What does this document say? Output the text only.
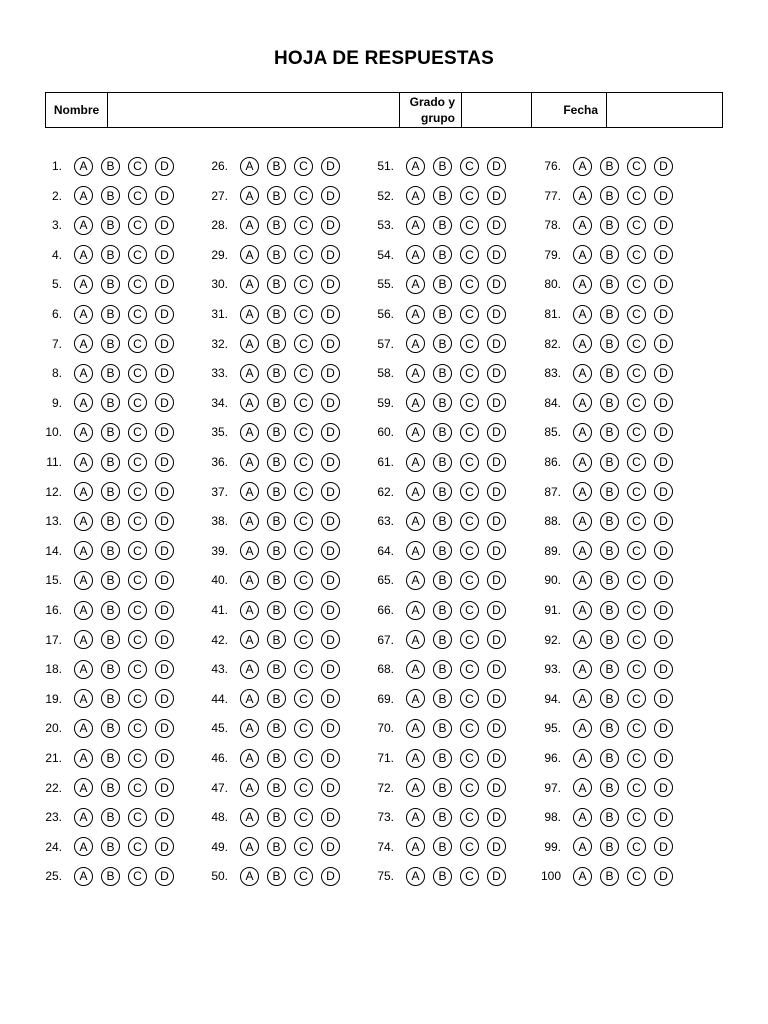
HOJA DE RESPUESTAS
Nombre
Grado y
grupo
Fecha
1.	A	B	C	D
2.	A	B	C	D
3.	A	B	C	D
4.	A	B	C	D
5.	A	B	C	D
6.	A	B	C	D
7.	A	B	C	D
8.	A	B	C	D
9.	A	B	C	D
10.	A	B	C	D
11.	A	B	C	D
12.	A	B	C	D
13.	A	B	C	D
14.	A	B	C	D
15.	A	B	C	D
16.	A	B	C	D
17.	A	B	C	D
18.	A	B	C	D
19.	A	B	C	D
20.	A	B	C	D
21.	A	B	C	D
22.	A	B	C	D
23.	A	B	C	D
24.	A	B	C	D
25.	A	B	C	D
26.	A	B	C	D
27.	A	B	C	D
28.	A	B	C	D
29.	A	B	C	D
30.	A	B	C	D
31.	A	B	C	D
32.	A	B	C	D
33.	A	B	C	D
34.	A	B	C	D
35.	A	B	C	D
36.	A	B	C	D
37.	A	B	C	D
38.	A	B	C	D
39.	A	B	C	D
40.	A	B	C	D
41.	A	B	C	D
42.	A	B	C	D
43.	A	B	C	D
44.	A	B	C	D
45.	A	B	C	D
46.	A	B	C	D
47.	A	B	C	D
48.	A	B	C	D
49.	A	B	C	D
50.	A	B	C	D
51.	A	B	C	D
52.	A	B	C	D
53.	A	B	C	D
54.	A	B	C	D
55.	A	B	C	D
56.	A	B	C	D
57.	A	B	C	D
58.	A	B	C	D
59.	A	B	C	D
60.	A	B	C	D
61.	A	B	C	D
62.	A	B	C	D
63.	A	B	C	D
64.	A	B	C	D
65.	A	B	C	D
66.	A	B	C	D
67.	A	B	C	D
68.	A	B	C	D
69.	A	B	C	D
70.	A	B	C	D
71.	A	B	C	D
72.	A	B	C	D
73.	A	B	C	D
74.	A	B	C	D
75.	A	B	C	D
76.	A	B	C	D
77.	A	B	C	D
78.	A	B	C	D
79.	A	B	C	D
80.	A	B	C	D
81.	A	B	C	D
82.	A	B	C	D
83.	A	B	C	D
84.	A	B	C	D
85.	A	B	C	D
86.	A	B	C	D
87.	A	B	C	D
88.	A	B	C	D
89.	A	B	C	D
90.	A	B	C	D
91.	A	B	C	D
92.	A	B	C	D
93.	A	B	C	D
94.	A	B	C	D
95.	A	B	C	D
96.	A	B	C	D
97.	A	B	C	D
98.	A	B	C	D
99.	A	B	C	D
100	A	B	C	D
